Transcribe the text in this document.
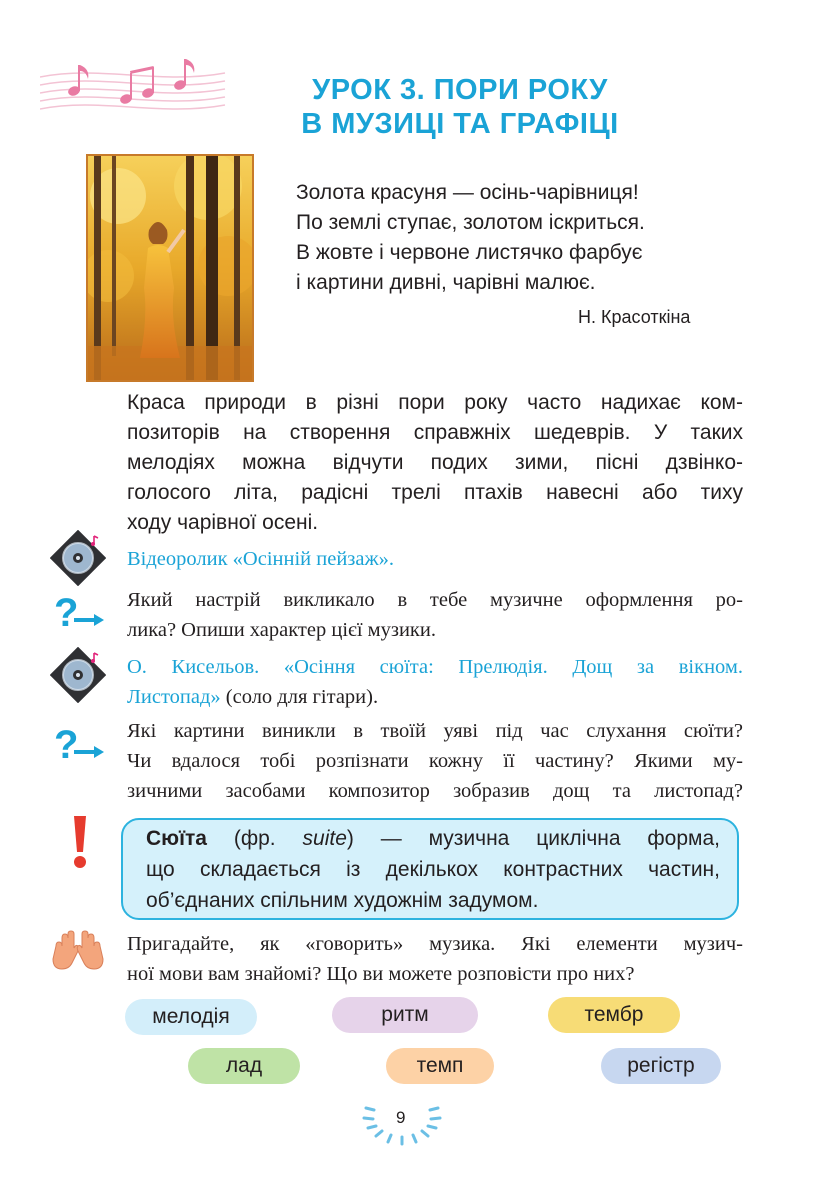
УРОК 3. ПОРИ РОКУ
В МУЗИЦІ ТА ГРАФІЦІ
Золота красуня — осінь-чарівниця!
По землі ступає, золотом іскриться.
В жовте і червоне листячко фарбує
і картини дивні, чарівні малює.
Н. Красоткіна
Краса природи в різні пори року часто надихає ком-
позиторів на створення справжніх шедеврів. У таких
мелодіях можна відчути подих зими, пісні дзвінко-
голосого літа, радісні трелі птахів навесні або тиху
ходу чарівної осені.
Відеоролик «Осінній пейзаж».
? Який настрій викликало в тебе музичне оформлення ро-
лика? Опиши характер цієї музики.
О. Кисельов. «Осіння сюїта: Прелюдія. Дощ за вікном.
Листопад» (соло для гітари).
? Які картини виникли в твоїй уяві під час слухання сюїти?
Чи вдалося тобі розпізнати кожну її частину? Якими му-
зичними засобами композитор зобразив дощ та листопад?
Сюїта (фр. suite) — музична циклічна форма,
що складається із декількох контрастних частин,
об’єднаних спільним художнім задумом.
Пригадайте, як «говорить» музика. Які елементи музич-
ної мови вам знайомі? Що ви можете розповісти про них?
мелодія	ритм	тембр
лад	темп	регістр
9
